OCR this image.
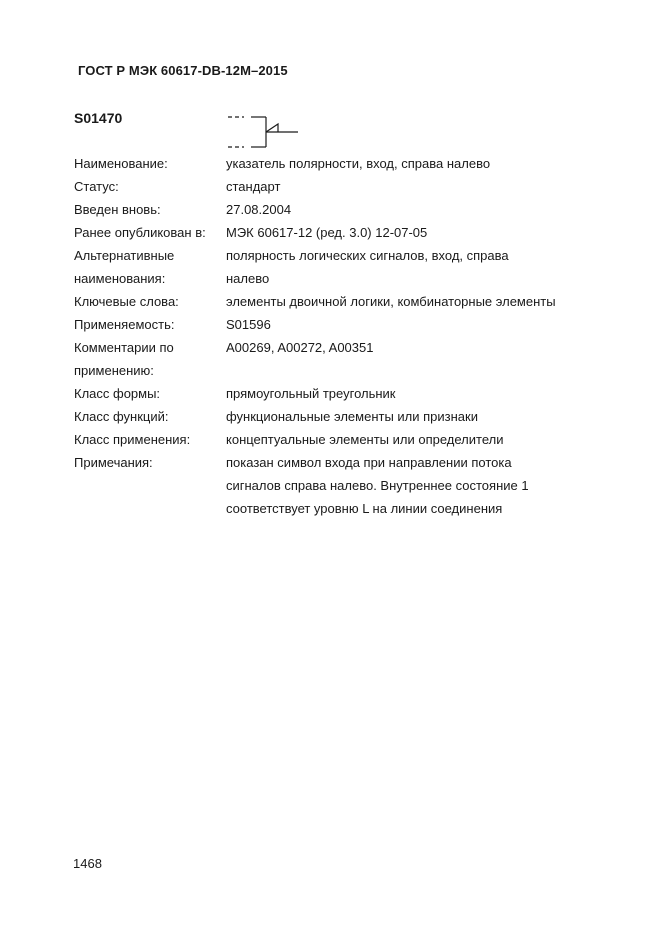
ГОСТ Р МЭК 60617-DB-12M–2015
S01470
Наименование:	указатель полярности, вход, справа налево
Статус:	стандарт
Введен вновь:	27.08.2004
Ранее опубликован в:	МЭК 60617-12 (ред. 3.0) 12-07-05
Альтернативные
наименования:
полярность логических сигналов, вход, справа
налево
Ключевые слова:	элементы двоичной логики, комбинаторные элементы
Применяемость:	S01596
Комментарии по
применению:
A00269, A00272, A00351
Класс формы:	прямоугольный треугольник
Класс функций:	функциональные элементы или признаки
Класс применения:	концептуальные элементы или определители
Примечания:	показан символ входа при направлении потока
сигналов справа налево. Внутреннее состояние 1
соответствует уровню L на линии соединения
1468
